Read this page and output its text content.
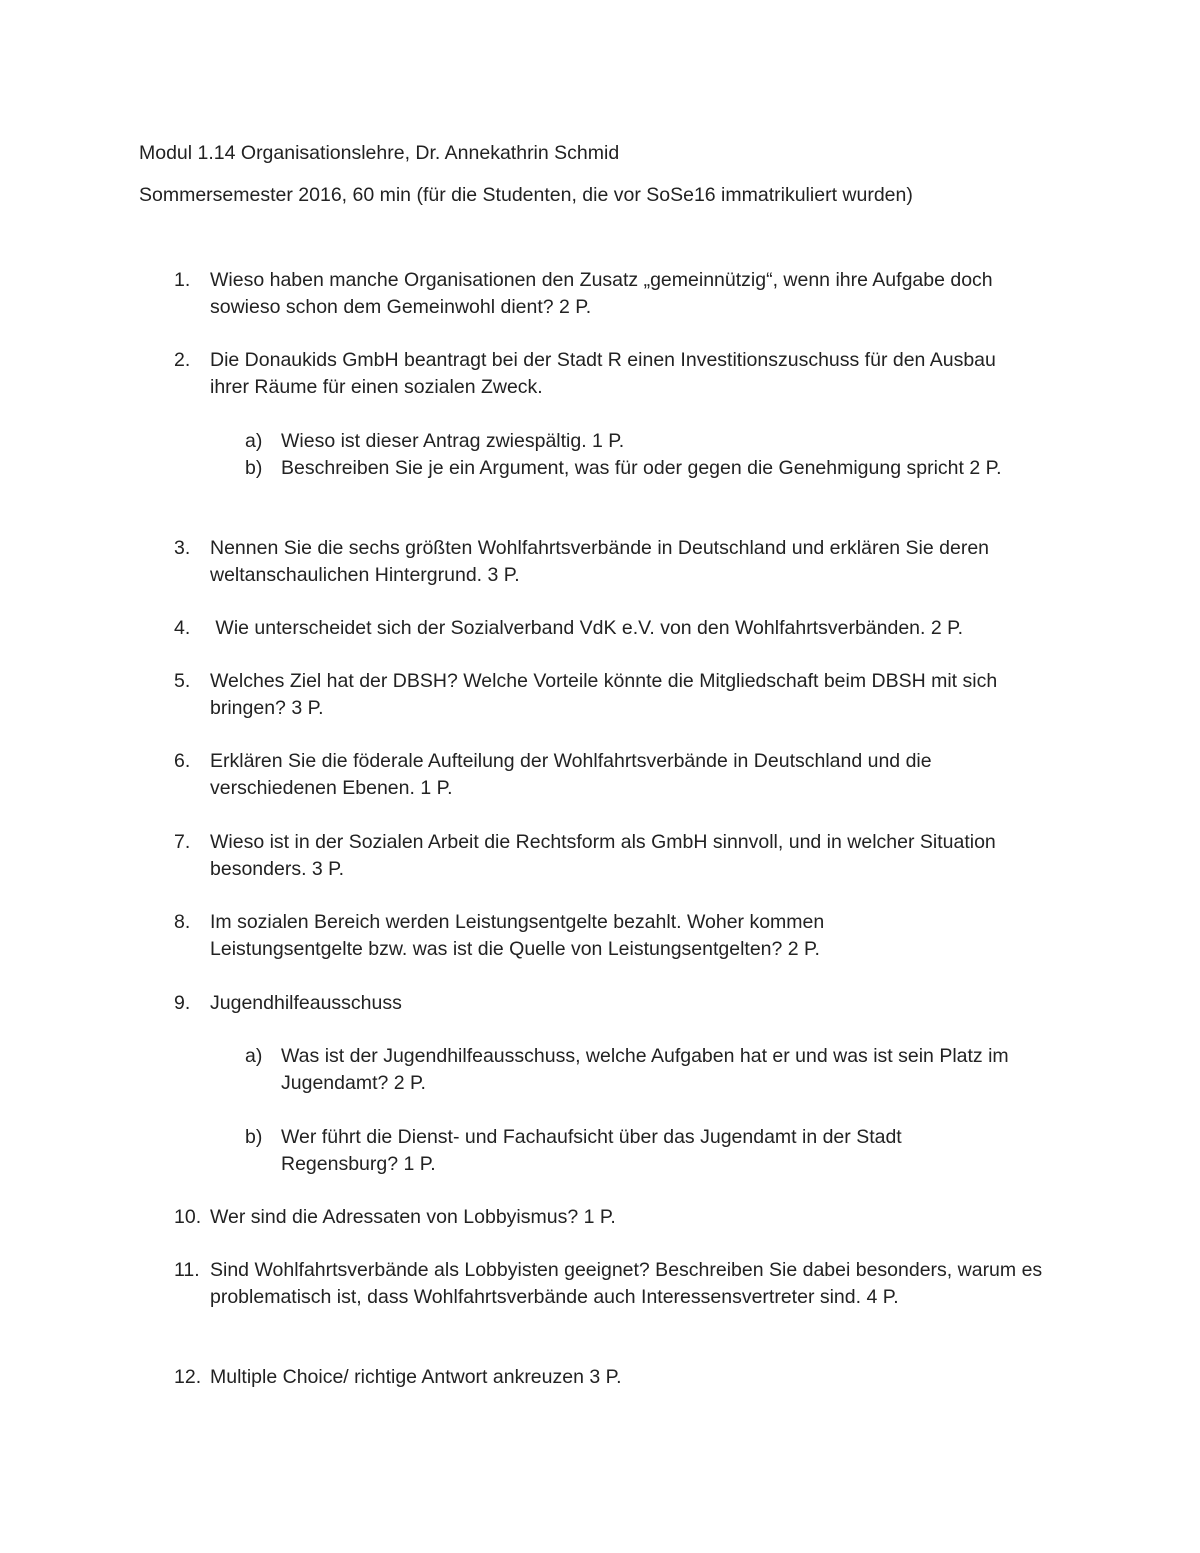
Modul 1.14 Organisationslehre, Dr. Annekathrin Schmid
Sommersemester 2016, 60 min (für die Studenten, die vor SoSe16 immatrikuliert wurden)
1.	Wieso haben manche Organisationen den Zusatz „gemeinnützig“, wenn ihre Aufgabe doch sowieso schon dem Gemeinwohl dient? 2 P.
2.	Die Donaukids GmbH beantragt bei der Stadt R einen Investitionszuschuss für den Ausbau ihrer Räume für einen sozialen Zweck.
a) Wieso ist dieser Antrag zwiespältig. 1 P.
b) Beschreiben Sie je ein Argument, was für oder gegen die Genehmigung spricht 2 P.
3.	Nennen Sie die sechs größten Wohlfahrtsverbände in Deutschland und erklären Sie deren weltanschaulichen Hintergrund. 3 P.
4.	Wie unterscheidet sich der Sozialverband VdK e.V. von den Wohlfahrtsverbänden. 2 P.
5.	Welches Ziel hat der DBSH? Welche Vorteile könnte die Mitgliedschaft beim DBSH mit sich bringen? 3 P.
6.	Erklären Sie die föderale Aufteilung der Wohlfahrtsverbände in Deutschland und die verschiedenen Ebenen. 1 P.
7.	Wieso ist in der Sozialen Arbeit die Rechtsform als GmbH sinnvoll, und in welcher Situation besonders. 3 P.
8.	Im sozialen Bereich werden Leistungsentgelte bezahlt. Woher kommen Leistungsentgelte bzw. was ist die Quelle von Leistungsentgelten? 2 P.
9.	Jugendhilfeausschuss
a) Was ist der Jugendhilfeausschuss, welche Aufgaben hat er und was ist sein Platz im Jugendamt? 2 P.
b) Wer führt die Dienst- und Fachaufsicht über das Jugendamt in der Stadt Regensburg? 1 P.
10. Wer sind die Adressaten von Lobbyismus? 1 P.
11. Sind Wohlfahrtsverbände als Lobbyisten geeignet? Beschreiben Sie dabei besonders, warum es problematisch ist, dass Wohlfahrtsverbände auch Interessensvertreter sind. 4 P.
12. Multiple Choice/ richtige Antwort ankreuzen 3 P.
